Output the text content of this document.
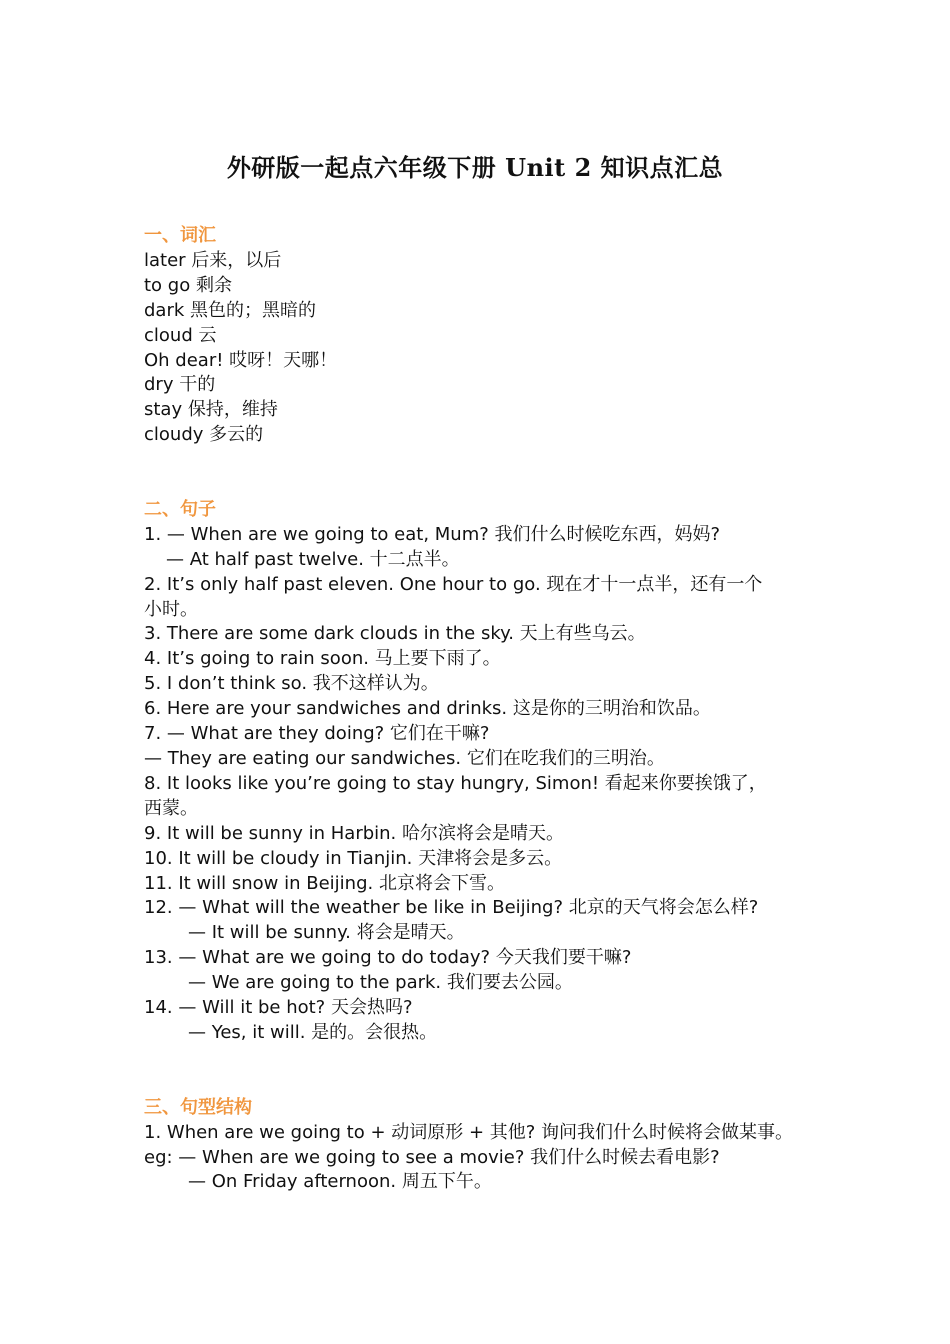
外研版一起点六年级下册 Unit 2 知识点汇总
一、词汇
later 后来，以后
to go 剩余
dark 黑色的；黑暗的
cloud 云
Oh dear! 哎呀！天哪！
dry 干的
stay 保持，维持
cloudy 多云的
二、句子
1. — When are we going to eat, Mum? 我们什么时候吃东西，妈妈?
— At half past twelve. 十二点半。
2. It’s only half past eleven. One hour to go. 现在才十一点半，还有一个
小时。
3. There are some dark clouds in the sky. 天上有些乌云。
4. It’s going to rain soon. 马上要下雨了。
5. I don’t think so. 我不这样认为。
6. Here are your sandwiches and drinks. 这是你的三明治和饮品。
7. — What are they doing? 它们在干嘛?
— They are eating our sandwiches. 它们在吃我们的三明治。
8. It looks like you’re going to stay hungry, Simon! 看起来你要挨饿了，
西蒙。
9. It will be sunny in Harbin. 哈尔滨将会是晴天。
10. It will be cloudy in Tianjin. 天津将会是多云。
11. It will snow in Beijing. 北京将会下雪。
12. — What will the weather be like in Beijing? 北京的天气将会怎么样?
— It will be sunny. 将会是晴天。
13. — What are we going to do today? 今天我们要干嘛?
— We are going to the park. 我们要去公园。
14. — Will it be hot? 天会热吗?
— Yes, it will. 是的。会很热。
三、句型结构
1. When are we going to + 动词原形 + 其他? 询问我们什么时候将会做某事。
eg: — When are we going to see a movie? 我们什么时候去看电影?
— On Friday afternoon. 周五下午。
